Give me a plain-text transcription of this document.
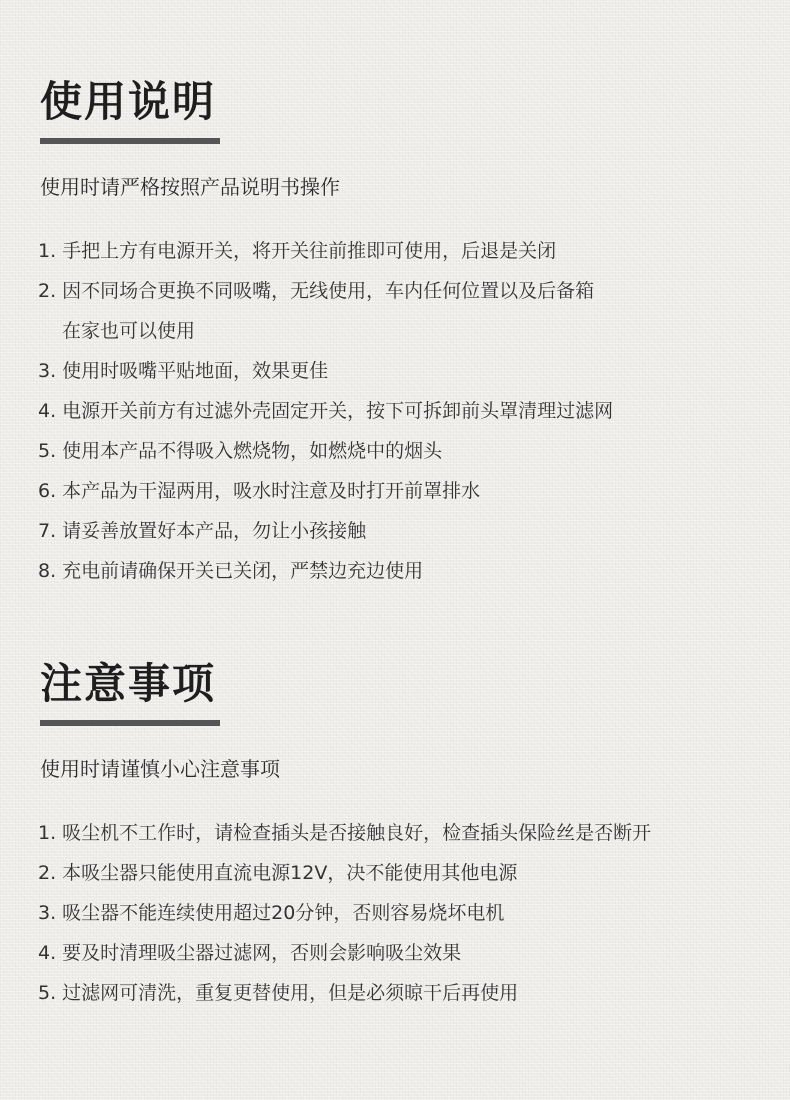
使用说明
使用时请严格按照产品说明书操作
1. 手把上方有电源开关，将开关往前推即可使用，后退是关闭
2. 因不同场合更换不同吸嘴，无线使用，车内任何位置以及后备箱
在家也可以使用
3. 使用时吸嘴平贴地面，效果更佳
4. 电源开关前方有过滤外壳固定开关，按下可拆卸前头罩清理过滤网
5. 使用本产品不得吸入燃烧物，如燃烧中的烟头
6. 本产品为干湿两用，吸水时注意及时打开前罩排水
7. 请妥善放置好本产品，勿让小孩接触
8. 充电前请确保开关已关闭，严禁边充边使用
注意事项
使用时请谨慎小心注意事项
1. 吸尘机不工作时，请检查插头是否接触良好，检查插头保险丝是否断开
2. 本吸尘器只能使用直流电源12V，决不能使用其他电源
3. 吸尘器不能连续使用超过20分钟，否则容易烧坏电机
4. 要及时清理吸尘器过滤网，否则会影响吸尘效果
5. 过滤网可清洗，重复更替使用，但是必须晾干后再使用
